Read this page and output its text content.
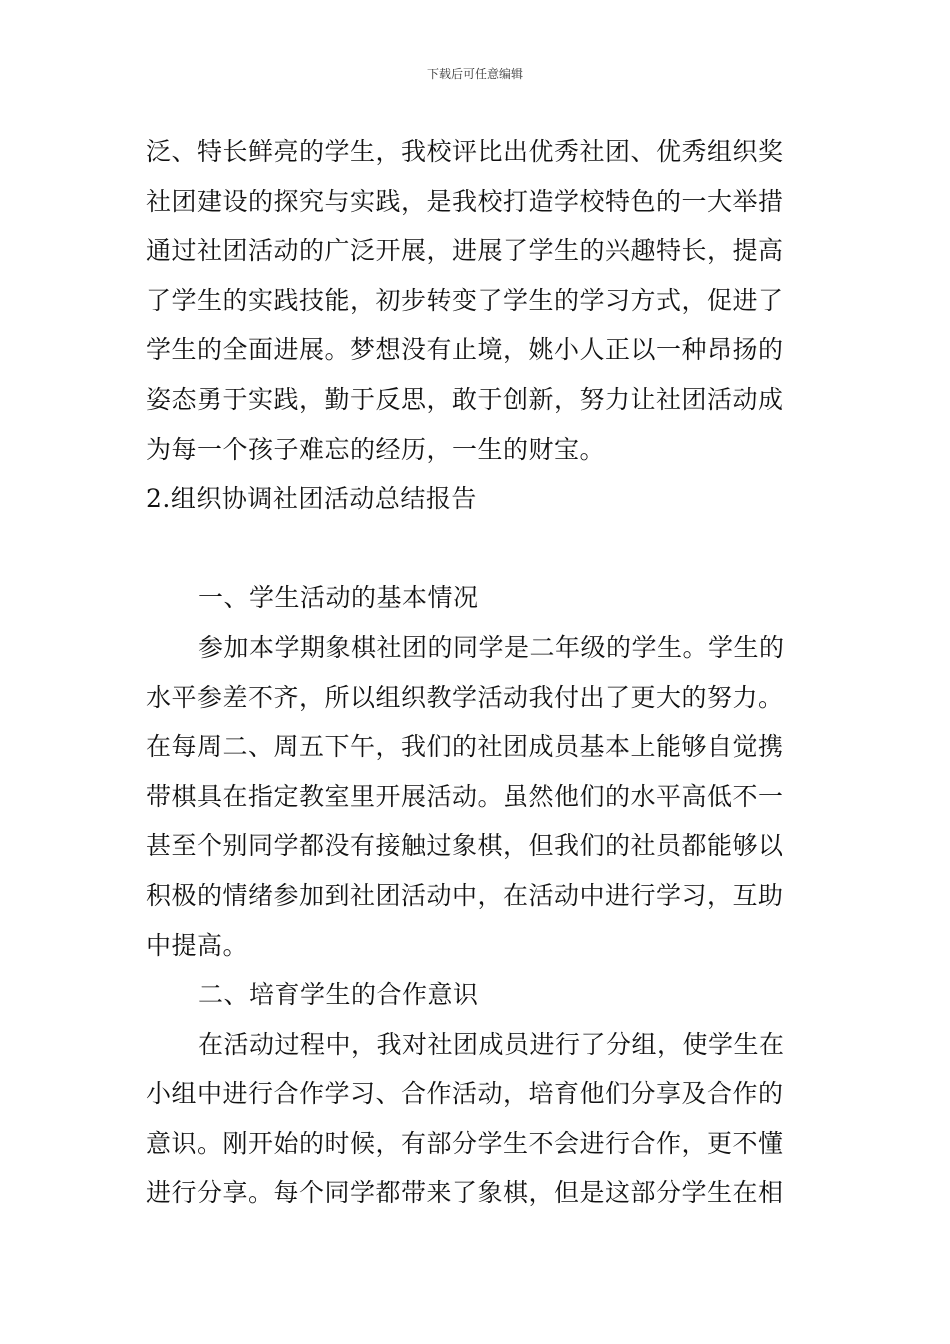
下载后可任意编辑
泛、特长鲜亮的学生，我校评比出优秀社团、优秀组织奖
社团建设的探究与实践，是我校打造学校特色的一大举措
通过社团活动的广泛开展，进展了学生的兴趣特长，提高
了学生的实践技能，初步转变了学生的学习方式，促进了
学生的全面进展。梦想没有止境，姚小人正以一种昂扬的
姿态勇于实践，勤于反思，敢于创新，努力让社团活动成
为每一个孩子难忘的经历，一生的财宝。
2.组织协调社团活动总结报告
一、学生活动的基本情况
参加本学期象棋社团的同学是二年级的学生。学生的
水平参差不齐，所以组织教学活动我付出了更大的努力。
在每周二、周五下午，我们的社团成员基本上能够自觉携
带棋具在指定教室里开展活动。虽然他们的水平高低不一
甚至个别同学都没有接触过象棋，但我们的社员都能够以
积极的情绪参加到社团活动中，在活动中进行学习，互助
中提高。
二、培育学生的合作意识
在活动过程中，我对社团成员进行了分组，使学生在
小组中进行合作学习、合作活动，培育他们分享及合作的
意识。刚开始的时候，有部分学生不会进行合作，更不懂
进行分享。每个同学都带来了象棋，但是这部分学生在相
